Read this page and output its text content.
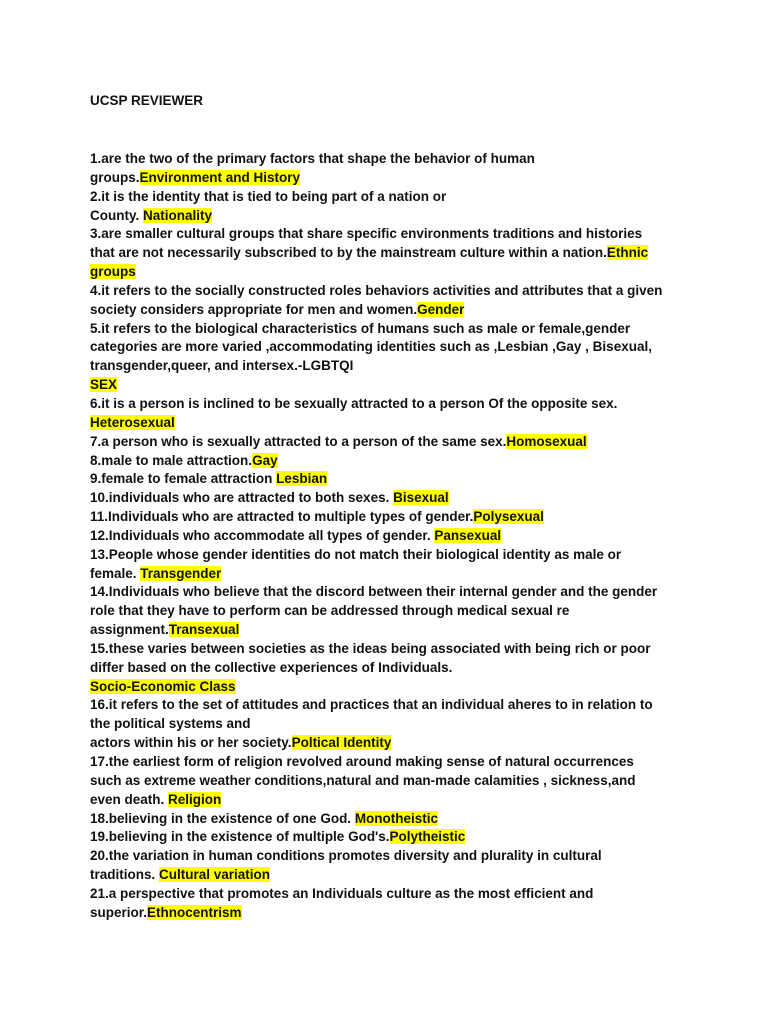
UCSP REVIEWER
1.are the two of the primary factors that shape the behavior of human
groups.Environment and History
2.it is the identity that is tied to being part of a nation or
County. Nationality
3.are smaller cultural groups that share specific environments traditions and histories
that are not necessarily subscribed to by the mainstream culture within a nation.Ethnic
groups
4.it refers to the socially constructed roles behaviors activities and attributes that a given
society considers appropriate for men and women.Gender
5.it refers to the biological characteristics of humans such as male or female,gender
categories are more varied ,accommodating identities such as ,Lesbian ,Gay , Bisexual,
transgender,queer, and intersex.-LGBTQI
SEX
6.it is a person is inclined to be sexually attracted to a person Of the opposite sex.
Heterosexual
7.a person who is sexually attracted to a person of the same sex.Homosexual
8.male to male attraction.Gay
9.female to female attraction Lesbian
10.individuals who are attracted to both sexes. Bisexual
11.Individuals who are attracted to multiple types of gender.Polysexual
12.Individuals who accommodate all types of gender. Pansexual
13.People whose gender identities do not match their biological identity as male or
female. Transgender
14.Individuals who believe that the discord between their internal gender and the gender
role that they have to perform can be addressed through medical sexual re
assignment.Transexual
15.these varies between societies as the ideas being associated with being rich or poor
differ based on the collective experiences of Individuals.
Socio-Economic Class
16.it refers to the set of attitudes and practices that an individual aheres to in relation to
the political systems and
actors within his or her society.Poltical Identity
17.the earliest form of religion revolved around making sense of natural occurrences
such as extreme weather conditions,natural and man-made calamities , sickness,and
even death. Religion
18.believing in the existence of one God. Monotheistic
19.believing in the existence of multiple God's.Polytheistic
20.the variation in human conditions promotes diversity and plurality in cultural
traditions. Cultural variation
21.a perspective that promotes an Individuals culture as the most efficient and
superior.Ethnocentrism
